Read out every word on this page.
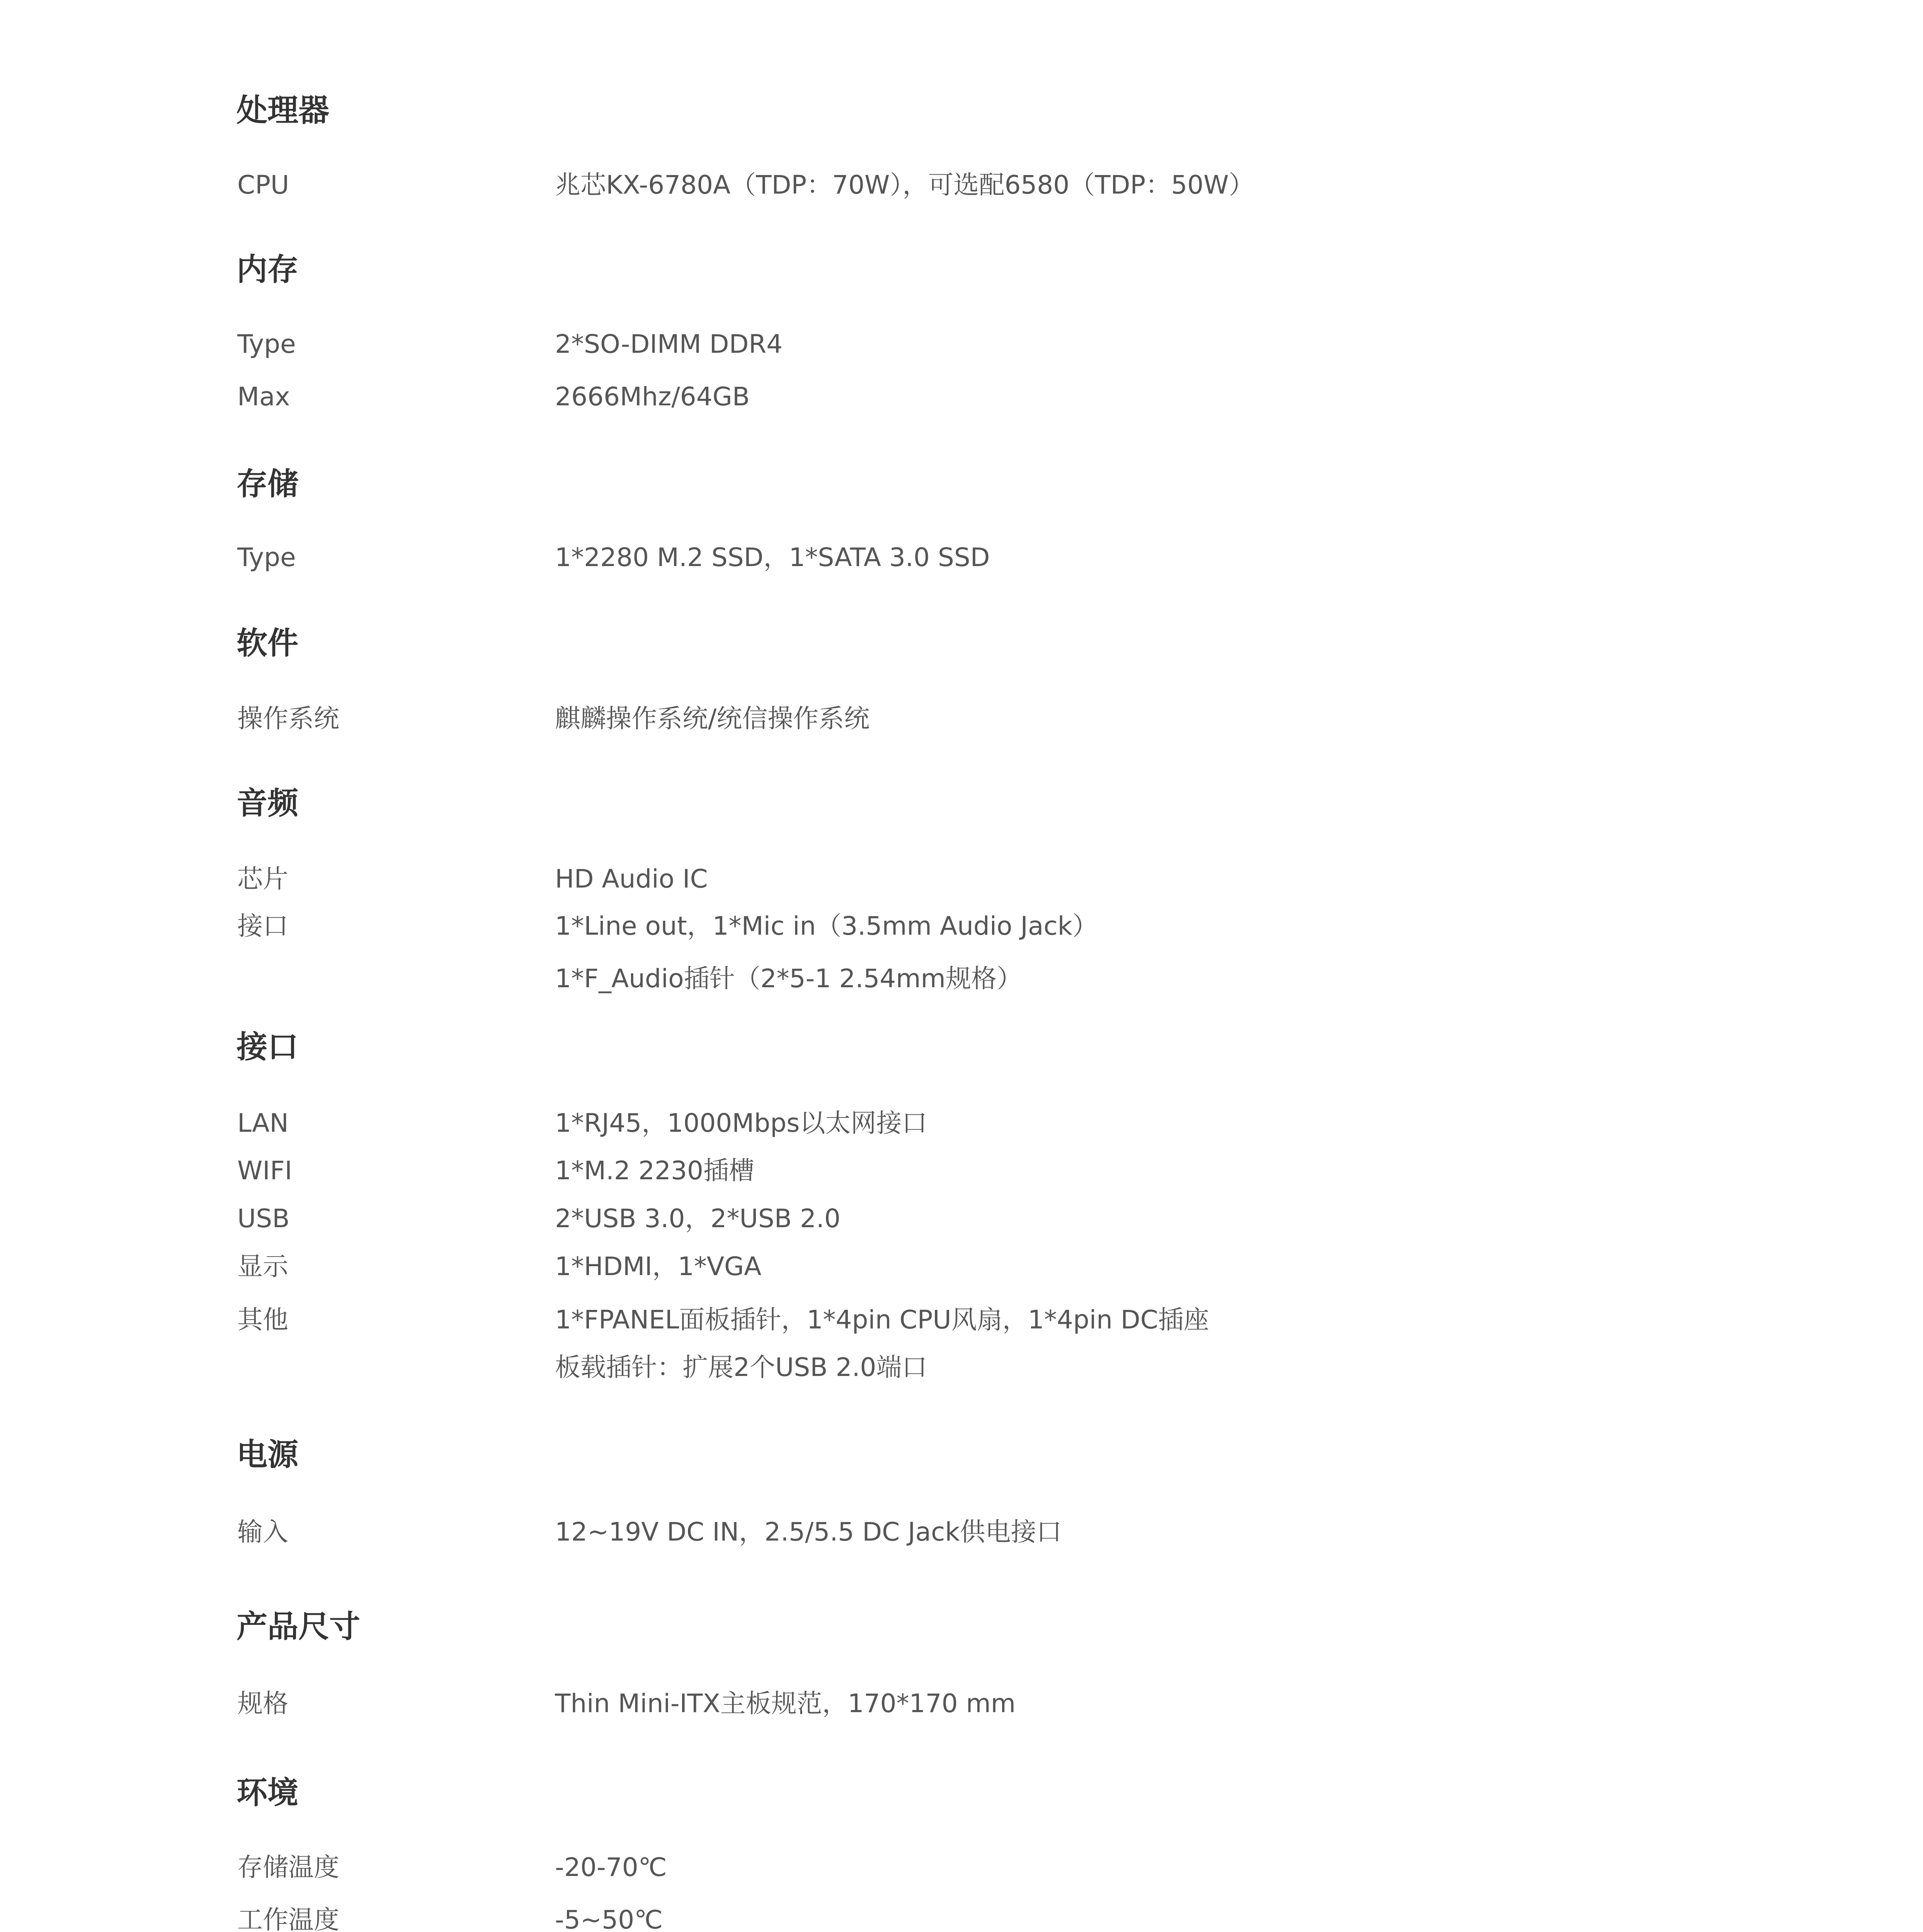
处理器
CPU	兆芯KX-6780A（TDP：70W），可选配6580（TDP：50W）
内存
Type	2*SO-DIMM DDR4
Max	2666Mhz/64GB
存储
Type	1*2280 M.2 SSD，1*SATA 3.0 SSD
软件
操作系统	麒麟操作系统/统信操作系统
音频
芯片	HD Audio IC
接口	1*Line out，1*Mic in（3.5mm Audio Jack）
1*F_Audio插针（2*5-1 2.54mm规格）
接口
LAN	1*RJ45，1000Mbps以太网接口
WIFI	1*M.2 2230插槽
USB	2*USB 3.0，2*USB 2.0
显示	1*HDMI，1*VGA
其他	1*FPANEL面板插针，1*4pin CPU风扇，1*4pin DC插座
板载插针：扩展2个USB 2.0端口
电源
输入	12~19V DC IN，2.5/5.5 DC Jack供电接口
产品尺寸
规格	Thin Mini-ITX主板规范，170*170 mm
环境
存储温度	-20-70℃
工作温度	-5~50℃
